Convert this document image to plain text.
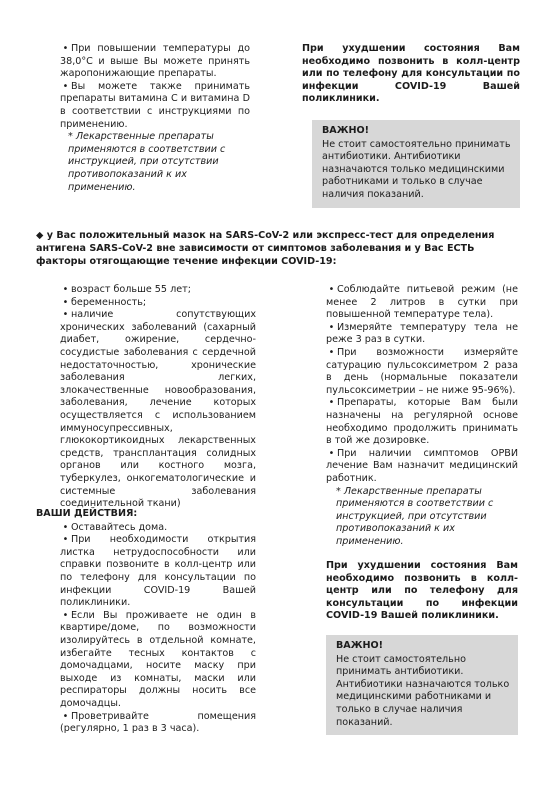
• При повышении температуры до 38,0°С и выше Вы можете принять жаропонижающие препараты.

• Вы можете также принимать препараты витамина С и витамина D в соответствии с инструкциями по применению.

* Лекарственные препараты применяются в соответствии с инструкцией, при отсутствии противопоказаний к их применению.

При ухудшении состояния Вам необходимо позвонить в колл-центр или по телефону для консультации по инфекции COVID-19 Вашей поликлиники.

ВАЖНО!
Не стоит самостоятельно принимать антибиотики. Антибиотики назначаются только медицинскими работниками и только в случае наличия показаний.
◆ у Вас положительный мазок на SARS-CoV-2 или экспресс-тест для определения антигена SARS-CoV-2 вне зависимости от симптомов заболевания и у Вас ЕСТЬ факторы отягощающие течение инфекции COVID-19:

• возраст больше 55 лет;

• беременность;

• наличие сопутствующих хронических заболеваний (сахарный диабет, ожирение, сердечно-сосудистые заболевания с сердечной недостаточностью, хронические заболевания легких, злокачественные новообразования, заболевания, лечение которых осуществляется с использованием иммуносупрессивных, глюкокортикоидных лекарственных средств, трансплантация солидных органов или костного мозга, туберкулез, онкогематологические и системные заболевания соединительной ткани)

ВАШИ ДЕЙСТВИЯ:

• Оставайтесь дома.

• При необходимости открытия листка нетрудоспособности или справки позвоните в колл-центр или по телефону для консультации по инфекции COVID-19 Вашей поликлиники.

• Если Вы проживаете не один в квартире/доме, по возможности изолируйтесь в отдельной комнате, избегайте тесных контактов с домочадцами, носите маску при выходе из комнаты, маски или респираторы должны носить все домочадцы.

• Проветривайте помещения (регулярно, 1 раз в 3 часа).

• Соблюдайте питьевой режим (не менее 2 литров в сутки при повышенной температуре тела).

• Измеряйте температуру тела не реже 3 раз в сутки.

• При возможности измеряйте сатурацию пульсоксиметром 2 раза в день (нормальные показатели пульсоксиметрии – не ниже 95-96%).

• Препараты, которые Вам были назначены на регулярной основе необходимо продолжить принимать в той же дозировке.

• При наличии симптомов ОРВИ лечение Вам назначит медицинский работник.

* Лекарственные препараты применяются в соответствии с инструкцией, при отсутствии противопоказаний к их применению.

При ухудшении состояния Вам необходимо позвонить в колл-центр или по телефону для консультации по инфекции COVID-19 Вашей поликлиники.

ВАЖНО!
Не стоит самостоятельно принимать антибиотики. Антибиотики назначаются только медицинскими работниками и только в случае наличия показаний.
